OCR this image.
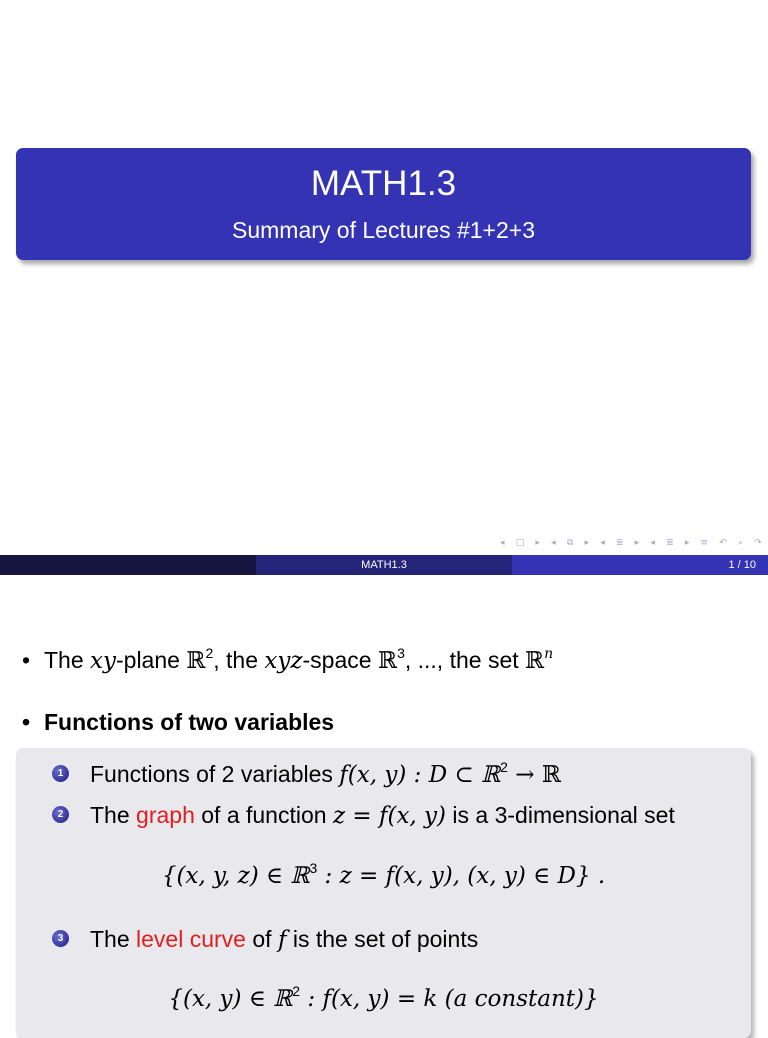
MATH1.3
Summary of Lectures #1+2+3
◂ □ ▸ ◂ ⧉ ▸ ◂ ≣ ▸ ◂ ≣ ▸ ≡ ↶ ⌕ ↷
MATH1.3	1 / 10
• The xy-plane ℝ$^2$, the xyz-space ℝ$^3$, ..., the set ℝ$^n$
• Functions of two variables
1 Functions of 2 variables f(x, y) : D ⊂ ℝ$^2$ → ℝ
2 The graph of a function z = f(x, y) is a 3-dimensional set
{(x, y, z) ∈ ℝ$^3$ : z = f(x, y), (x, y) ∈ D} .
3 The level curve of f is the set of points
{(x, y) ∈ ℝ$^2$ : f(x, y) = k (a constant)}
